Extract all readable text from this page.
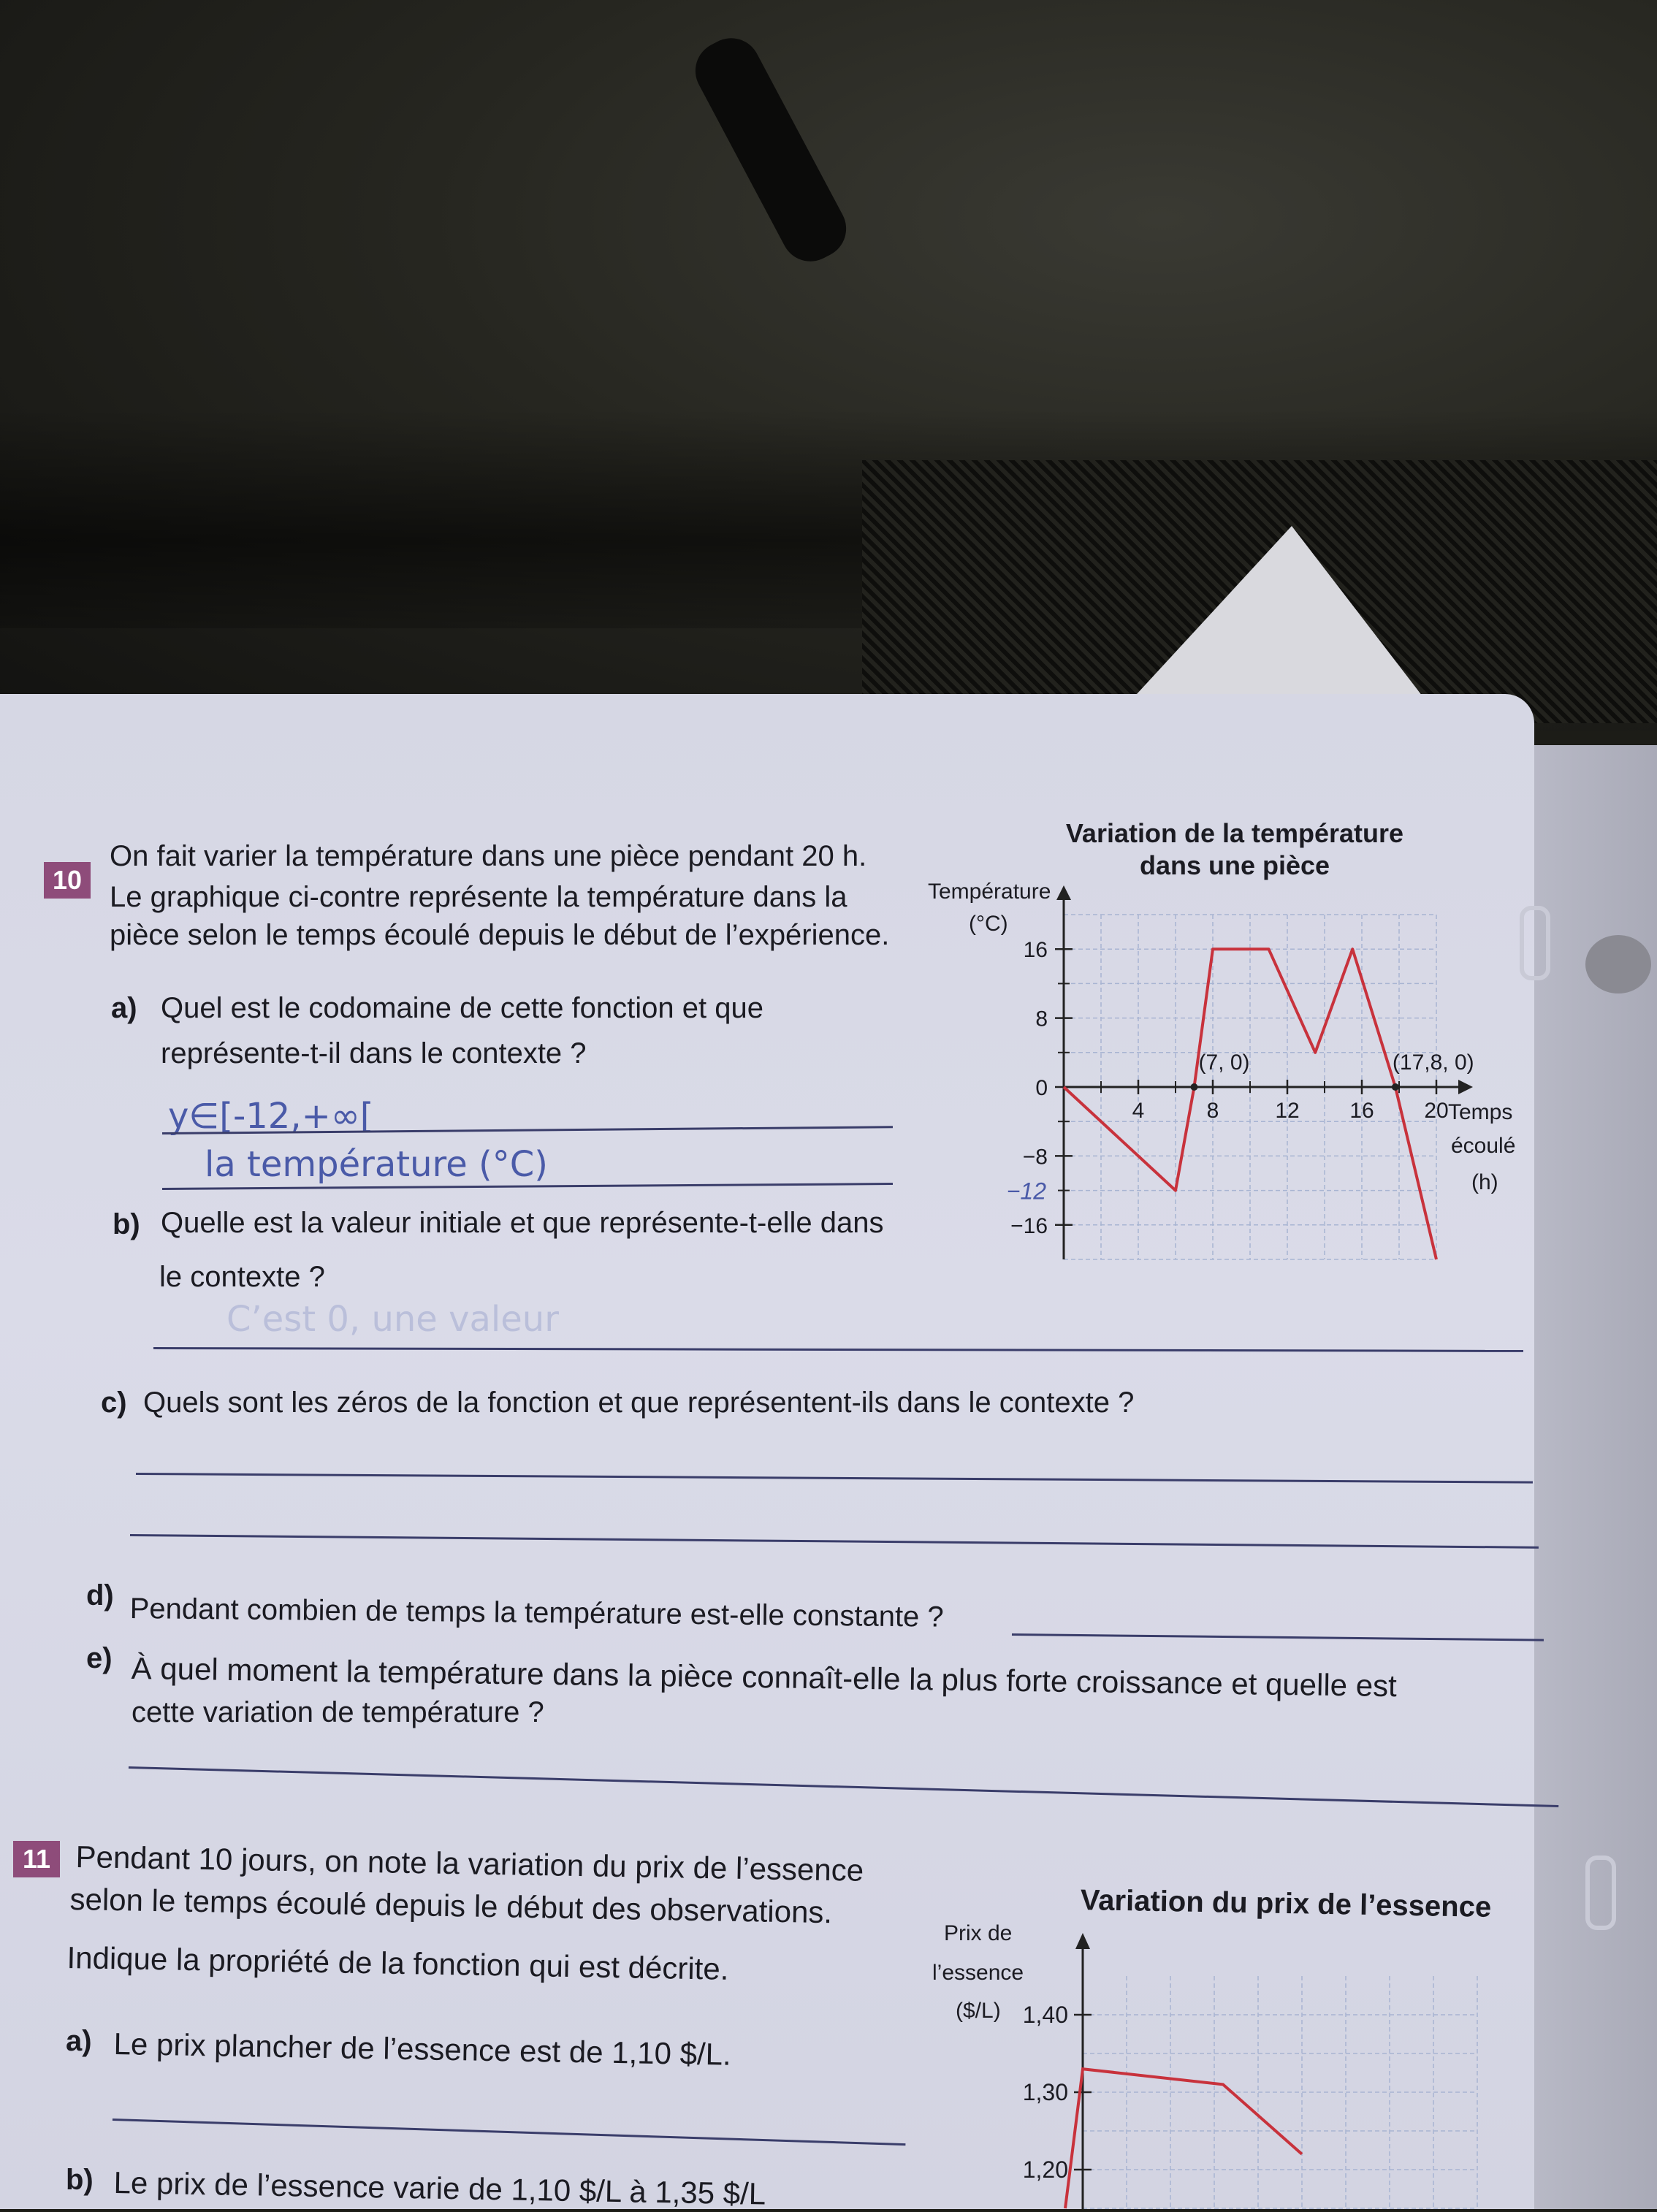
10
On fait varier la température dans une pièce pendant 20 h.
Le graphique ci-contre représente la température dans la
pièce selon le temps écoulé depuis le début de l’expérience.
a) Quel est le codomaine de cette fonction et que
représente-t-il dans le contexte ?
y∈[-12,+∞[
la température (°C)
b) Quelle est la valeur initiale et que représente-t-elle dans
le contexte ?
C’est 0, une valeur
c) Quels sont les zéros de la fonction et que représentent-ils dans le contexte ?
d) Pendant combien de temps la température est-elle constante ?
e) À quel moment la température dans la pièce connaît-elle la plus forte croissance et quelle est
cette variation de température ?
11 Pendant 10 jours, on note la variation du prix de l’essence
selon le temps écoulé depuis le début des observations.
Indique la propriété de la fonction qui est décrite.
a) Le prix plancher de l’essence est de 1,10 $/L.
b) Le prix de l’essence varie de 1,10 $/L à 1,35 $/L
Variation de la température
dans une pièce
Température
(°C)
Temps
écoulé
(h)
4	8	12 16 20
16
8
0
−8
−16
−12
(7, 0)	(17,8, 0)
Variation du prix de l’essence
Prix de
l’essence
($/L) 1,40
1,30
1,20
